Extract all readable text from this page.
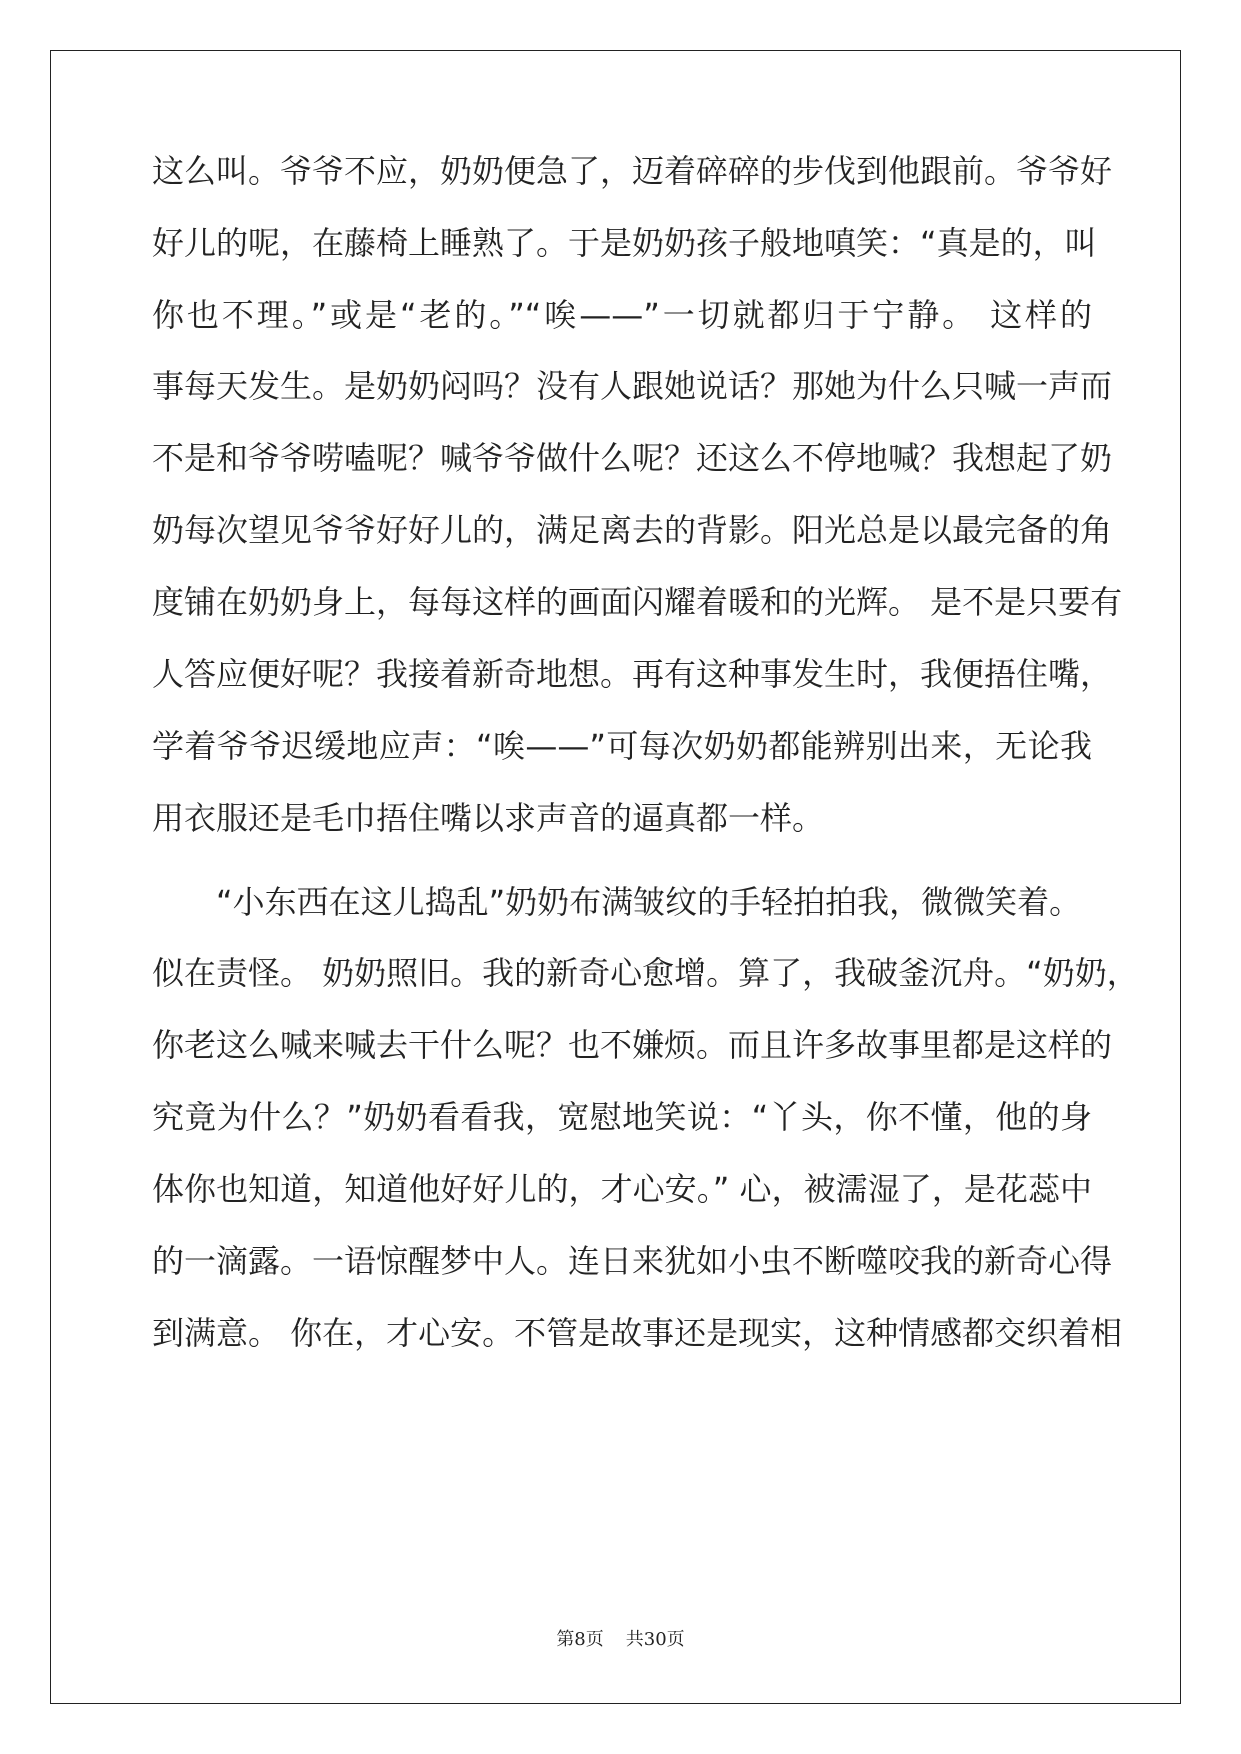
这么叫。爷爷不应，奶奶便急了，迈着碎碎的步伐到他跟前。爷爷好

好儿的呢，在藤椅上睡熟了。于是奶奶孩子般地嗔笑：“真是的，叫

你也不理。”或是“老的。”“唉——”一切就都归于宁静。 这样的

事每天发生。是奶奶闷吗？没有人跟她说话？那她为什么只喊一声而

不是和爷爷唠嗑呢？喊爷爷做什么呢？还这么不停地喊？我想起了奶

奶每次望见爷爷好好儿的，满足离去的背影。阳光总是以最完备的角

度铺在奶奶身上，每每这样的画面闪耀着暖和的光辉。 是不是只要有

人答应便好呢？我接着新奇地想。再有这种事发生时，我便捂住嘴，

学着爷爷迟缓地应声：“唉——”可每次奶奶都能辨别出来，无论我

用衣服还是毛巾捂住嘴以求声音的逼真都一样。

“小东西在这儿捣乱”奶奶布满皱纹的手轻拍拍我，微微笑着。

似在责怪。 奶奶照旧。我的新奇心愈增。算了，我破釜沉舟。“奶奶，

你老这么喊来喊去干什么呢？也不嫌烦。而且许多故事里都是这样的

究竟为什么？”奶奶看看我，宽慰地笑说：“丫头，你不懂，他的身

体你也知道，知道他好好儿的，才心安。” 心，被濡湿了，是花蕊中

的一滴露。一语惊醒梦中人。连日来犹如小虫不断噬咬我的新奇心得

到满意。 你在，才心安。不管是故事还是现实，这种情感都交织着相

第8页 共30页
